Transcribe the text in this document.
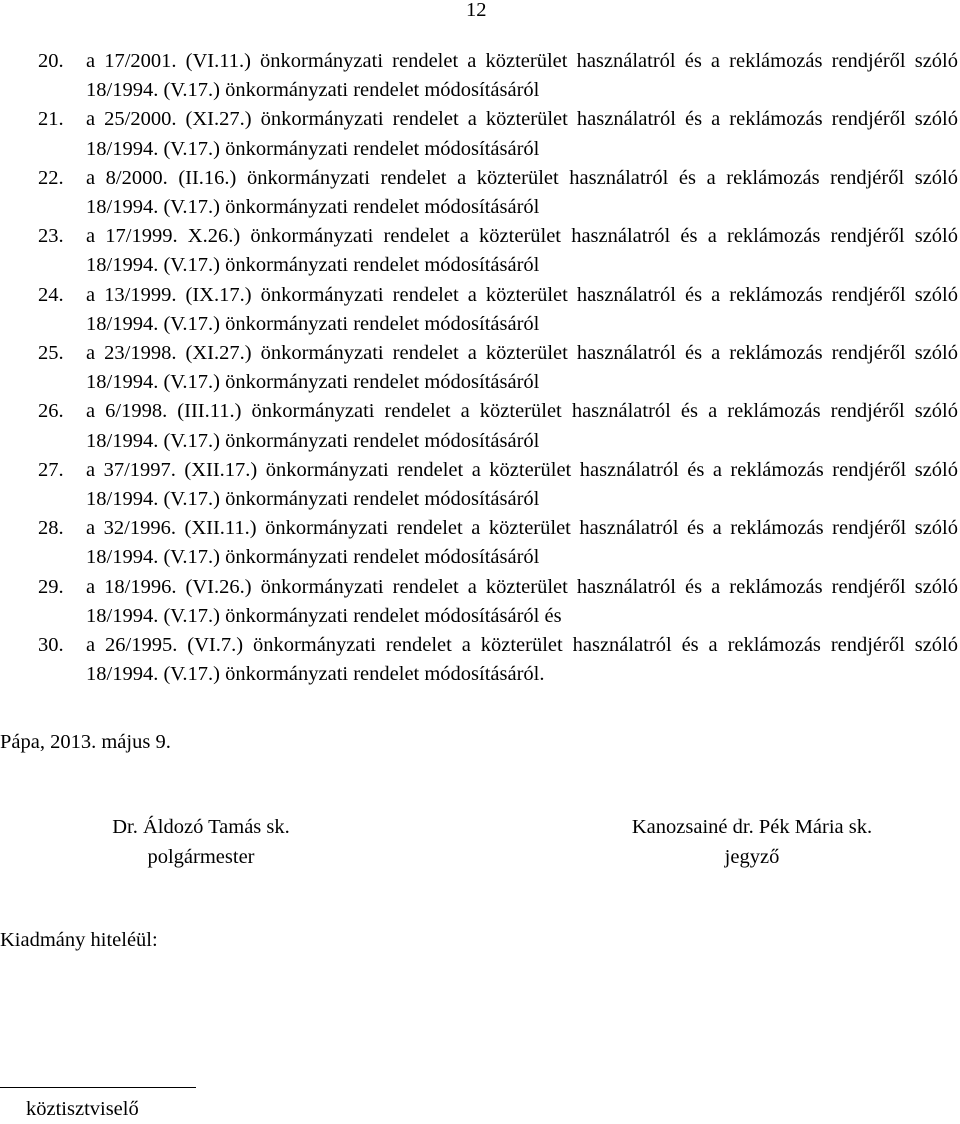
12
20.	a 17/2001. (VI.11.) önkormányzati rendelet a közterület használatról és a reklámozás rendjéről szóló 18/1994. (V.17.) önkormányzati rendelet módosításáról
21.	a 25/2000. (XI.27.) önkormányzati rendelet a közterület használatról és a reklámozás rendjéről szóló 18/1994. (V.17.) önkormányzati rendelet módosításáról
22.	a 8/2000. (II.16.) önkormányzati rendelet a közterület használatról és a reklámozás rendjéről szóló 18/1994. (V.17.) önkormányzati rendelet módosításáról
23.	a 17/1999. X.26.) önkormányzati rendelet a közterület használatról és a reklámozás rendjéről szóló 18/1994. (V.17.) önkormányzati rendelet módosításáról
24.	a 13/1999. (IX.17.) önkormányzati rendelet a közterület használatról és a reklámozás rendjéről szóló 18/1994. (V.17.) önkormányzati rendelet módosításáról
25.	a 23/1998. (XI.27.) önkormányzati rendelet a közterület használatról és a reklámozás rendjéről szóló 18/1994. (V.17.) önkormányzati rendelet módosításáról
26.	a 6/1998. (III.11.) önkormányzati rendelet a közterület használatról és a reklámozás rendjéről szóló 18/1994. (V.17.) önkormányzati rendelet módosításáról
27.	a 37/1997. (XII.17.) önkormányzati rendelet a közterület használatról és a reklámozás rendjéről szóló 18/1994. (V.17.) önkormányzati rendelet módosításáról
28.	a 32/1996. (XII.11.) önkormányzati rendelet a közterület használatról és a reklámozás rendjéről szóló 18/1994. (V.17.) önkormányzati rendelet módosításáról
29.	a 18/1996. (VI.26.) önkormányzati rendelet a közterület használatról és a reklámozás rendjéről szóló 18/1994. (V.17.) önkormányzati rendelet módosításáról és
30.	a 26/1995. (VI.7.) önkormányzati rendelet a közterület használatról és a reklámozás rendjéről szóló 18/1994. (V.17.) önkormányzati rendelet módosításáról.
Pápa, 2013. május 9.
Dr. Áldozó Tamás sk.
polgármester
Kanozsainé dr. Pék Mária sk.
jegyző
Kiadmány hiteléül:
köztisztviselő
